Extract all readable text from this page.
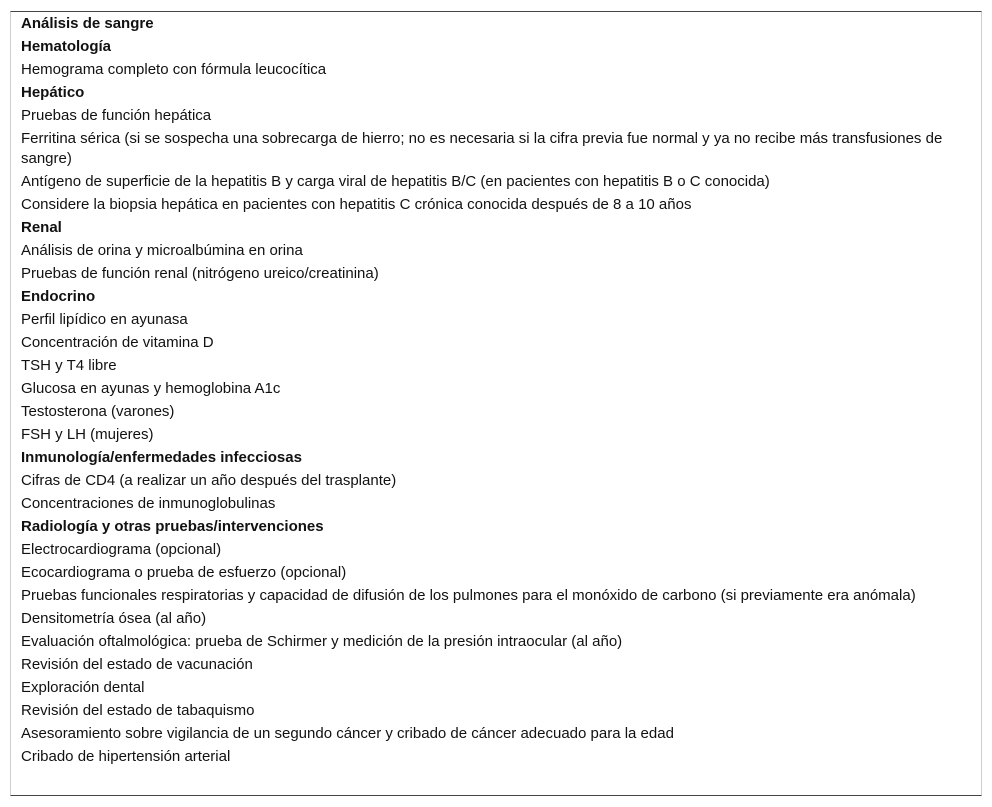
Análisis de sangre
Hematología
Hemograma completo con fórmula leucocítica
Hepático
Pruebas de función hepática
Ferritina sérica (si se sospecha una sobrecarga de hierro; no es necesaria si la cifra previa fue normal y ya no recibe más transfusiones de sangre)
Antígeno de superficie de la hepatitis B y carga viral de hepatitis B/C (en pacientes con hepatitis B o C conocida)
Considere la biopsia hepática en pacientes con hepatitis C crónica conocida después de 8 a 10 años
Renal
Análisis de orina y microalbúmina en orina
Pruebas de función renal (nitrógeno ureico/creatinina)
Endocrino
Perfil lipídico en ayunasa
Concentración de vitamina D
TSH y T4 libre
Glucosa en ayunas y hemoglobina A1c
Testosterona (varones)
FSH y LH (mujeres)
Inmunología/enfermedades infecciosas
Cifras de CD4 (a realizar un año después del trasplante)
Concentraciones de inmunoglobulinas
Radiología y otras pruebas/intervenciones
Electrocardiograma (opcional)
Ecocardiograma o prueba de esfuerzo (opcional)
Pruebas funcionales respiratorias y capacidad de difusión de los pulmones para el monóxido de carbono (si previamente era anómala)
Densitometría ósea (al año)
Evaluación oftalmológica: prueba de Schirmer y medición de la presión intraocular (al año)
Revisión del estado de vacunación
Exploración dental
Revisión del estado de tabaquismo
Asesoramiento sobre vigilancia de un segundo cáncer y cribado de cáncer adecuado para la edad
Cribado de hipertensión arterial
